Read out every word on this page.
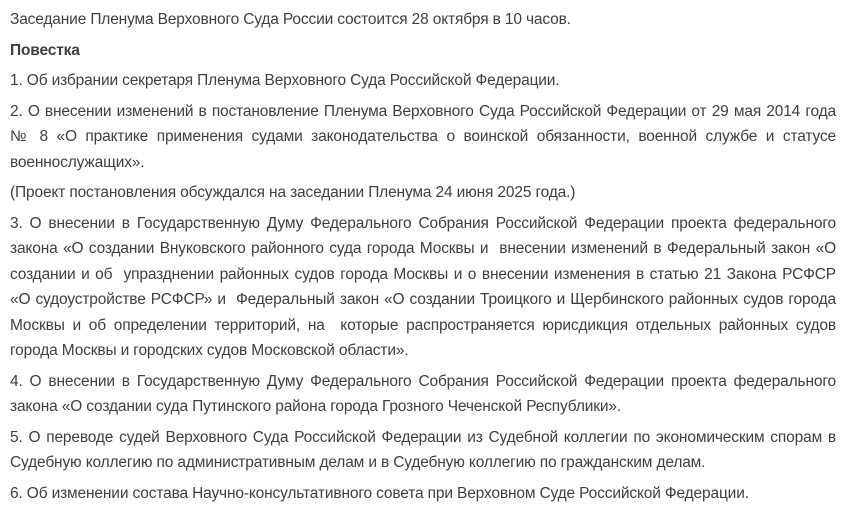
Заседание Пленума Верховного Суда России состоится 28 октября в 10 часов.

Повестка

1. Об избрании секретаря Пленума Верховного Суда Российской Федерации.

2. О внесении изменений в постановление Пленума Верховного Суда Российской Федерации от 29 мая 2014 года № 8 «О практике применения судами законодательства о воинской обязанности, военной службе и статусе военнослужащих».

(Проект постановления обсуждался на заседании Пленума 24 июня 2025 года.)

3. О внесении в Государственную Думу Федерального Собрания Российской Федерации проекта федерального закона «О создании Внуковского районного суда города Москвы и  внесении изменений в Федеральный закон «О создании и об  упразднении районных судов города Москвы и о внесении изменения в статью 21 Закона РСФСР «О судоустройстве РСФСР» и  Федеральный закон «О создании Троицкого и Щербинского районных судов города Москвы и об определении территорий, на  которые распространяется юрисдикция отдельных районных судов города Москвы и городских судов Московской области».

4. О внесении в Государственную Думу Федерального Собрания Российской Федерации проекта федерального закона «О создании суда Путинского района города Грозного Чеченской Республики».

5. О переводе судей Верховного Суда Российской Федерации из Судебной коллегии по экономическим спорам в Судебную коллегию по административным делам и в Судебную коллегию по гражданским делам.

6. Об изменении состава Научно-консультативного совета при Верховном Суде Российской Федерации.
